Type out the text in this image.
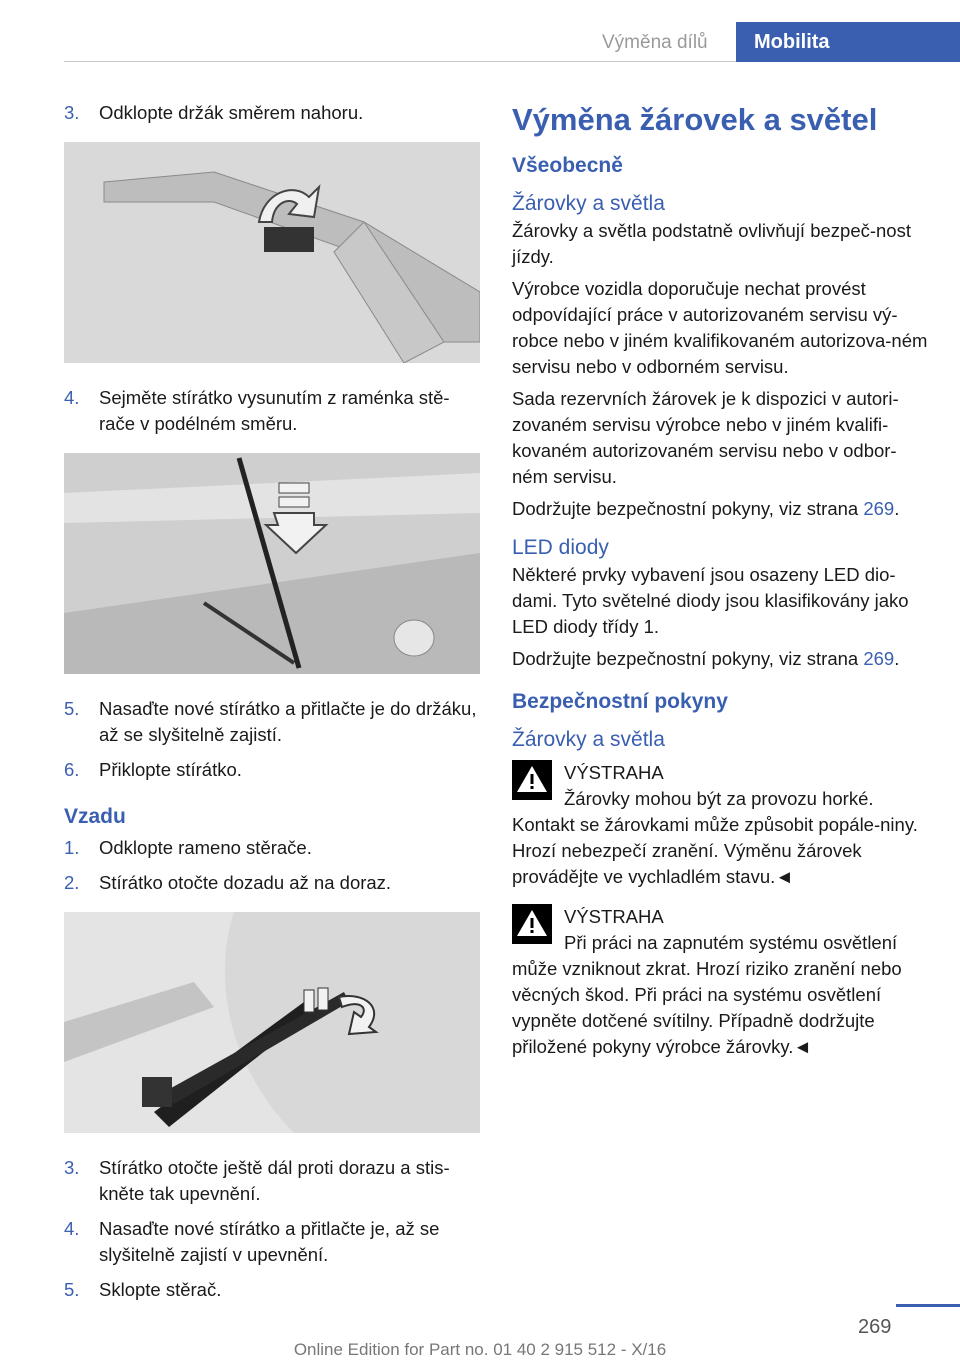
Výměna dílů Mobilita
3.	Odklopte držák směrem nahoru.
4.	Sejměte stírátko vysunutím z raménka stě‐rače v podélném směru.
5.	Nasaďte nové stírátko a přitlačte je do držáku, až se slyšitelně zajistí.
6.	Přiklopte stírátko.
Vzadu
1.	Odklopte rameno stěrače.
2.	Stírátko otočte dozadu až na doraz.
3.	Stírátko otočte ještě dál proti dorazu a stis‐kněte tak upevnění.
4.	Nasaďte nové stírátko a přitlačte je, až se slyšitelně zajistí v upevnění.
5.	Sklopte stěrač.
Výměna žárovek a světel
Všeobecně
Žárovky a světla

Žárovky a světla podstatně ovlivňují bezpeč‐nost jízdy.

Výrobce vozidla doporučuje nechat provést odpovídající práce v autorizovaném servisu vý‐robce nebo v jiném kvalifikovaném autorizova‐ném servisu nebo v odborném servisu.

Sada rezervních žárovek je k dispozici v autori‐zovaném servisu výrobce nebo v jiném kvalifi‐kovaném autorizovaném servisu nebo v odbor‐ném servisu.

Dodržujte bezpečnostní pokyny, viz strana 269.

LED diody

Některé prvky vybavení jsou osazeny LED dio‐dami. Tyto světelné diody jsou klasifikovány jako LED diody třídy 1.

Dodržujte bezpečnostní pokyny, viz strana 269.

Bezpečnostní pokyny
Žárovky a světla
VÝSTRAHA
Žárovky mohou být za provozu horké.
Kontakt se žárovkami může způsobit popále‐niny. Hrozí nebezpečí zranění. Výměnu žárovek provádějte ve vychladlém stavu.◄
VÝSTRAHA
Při práci na zapnutém systému osvětlení
může vzniknout zkrat. Hrozí riziko zranění nebo věcných škod. Při práci na systému osvětlení vypněte dotčené svítilny. Případně dodržujte přiložené pokyny výrobce žárovky.◄
269
Online Edition for Part no. 01 40 2 915 512 - X/16
